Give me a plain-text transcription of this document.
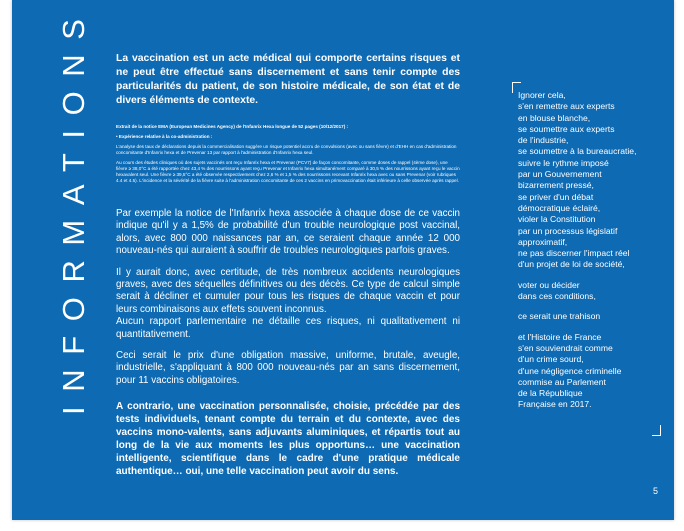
INFORMATIONS La vaccination est un acte médical qui comporte certains risques et ne peut être effectué sans discernement et sans tenir compte des particularités du patient, de son histoire médicale, de son état et de divers éléments de contexte.

Extrait de la notice EMA (European Medicines Agency) de l'Infanrix Hexa longue de 52 pages (10/12/2017) :

• Expérience relative à la co-administration :

L'analyse des taux de déclarations depuis la commercialisation suggère un risque potentiel accru de convulsions (avec ou sans fièvre) et d'EHH en cas d'administration concomitante d'Infanrix hexa et de Prevenar 13 par rapport à l'administration d'Infanrix hexa seul.

Au cours des études cliniques où des sujets vaccinés ont reçu Infanrix hexa et Prevenar (PCV7) de façon concomitante, comme doses de rappel (4ème dose), une fièvre ≥ 38,0°C a été rapportée chez 43,4 % des nourrissons ayant reçu Prevenar et Infanrix hexa simultanément comparé à 30,5 % des nourrissons ayant reçu le vaccin hexavalent seul. Une fièvre ≥ 39,5°C a été observée respectivement chez 2,6 % et 1,5 % des nourrissons recevant Infanrix hexa avec ou sans Prevenar (voir rubriques 4.4 et 4.5). L'incidence et la sévérité de la fièvre suite à l'administration concomitante de ces 2 vaccins en primovaccination était inférieure à celle observée après rappel.

Par exemple la notice de l'Infanrix hexa associée à chaque dose de ce vaccin indique qu'il y a 1,5% de probabilité d'un trouble neurologique post vaccinal, alors, avec 800 000 naissances par an, ce seraient chaque année 12 000 nouveau-nés qui auraient à souffrir de troubles neurologiques parfois graves.

Il y aurait donc, avec certitude, de très nombreux accidents neurologiques graves, avec des séquelles définitives ou des décès. Ce type de calcul simple serait à décliner et cumuler pour tous les risques de chaque vaccin et pour leurs combinaisons aux effets souvent inconnus.

Aucun rapport parlementaire ne détaille ces risques, ni qualitativement ni quantitativement.

Ceci serait le prix d'une obligation massive, uniforme, brutale, aveugle, industrielle, s'appliquant à 800 000 nouveau-nés par an sans discernement, pour 11 vaccins obligatoires.

A contrario, une vaccination personnalisée, choisie, précédée par des tests individuels, tenant compte du terrain et du contexte, avec des vaccins mono-valents, sans adjuvants aluminiques, et répartis tout au long de la vie aux moments les plus opportuns… une vaccination intelligente, scientifique dans le cadre d'une pratique médicale authentique… oui, une telle vaccination peut avoir du sens.
Ignorer cela,
s'en remettre aux experts
en blouse blanche,
se soumettre aux experts
de l'industrie,
se soumettre à la bureaucratie,
suivre le rythme imposé
par un Gouvernement
bizarrement pressé,
se priver d'un débat
démocratique éclairé,
violer la Constitution
par un processus législatif
approximatif,
ne pas discerner l'impact réel
d'un projet de loi de société,
voter ou décider
dans ces conditions,
ce serait une trahison
et l'Histoire de France
s'en souviendrait comme
d'un crime sourd,
d'une négligence criminelle
commise au Parlement
de la République
Française en 2017.
5
